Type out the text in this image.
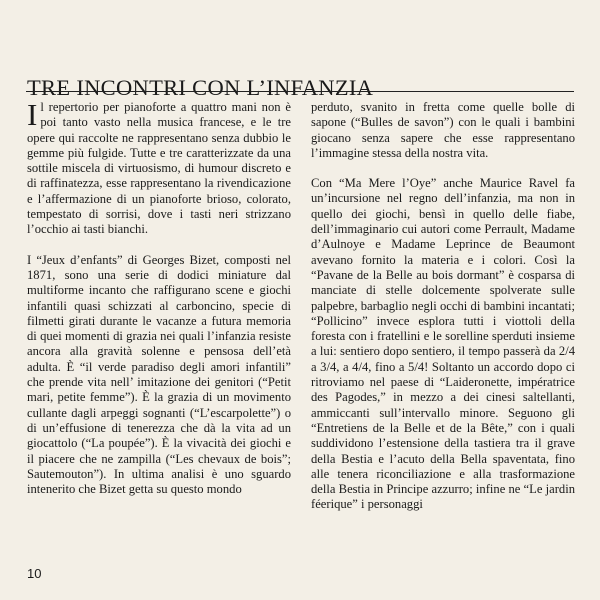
TRE INCONTRI CON L’INFANZIA

Il repertorio per pianoforte a quattro mani non è poi tanto vasto nella musica francese, e le tre opere qui raccolte ne rappresentano senza dubbio le gemme più fulgide. Tutte e tre caratterizzate da una sottile miscela di virtuosismo, di humour discreto e di raffinatezza, esse rappresentano la rivendicazione e l’affermazione di un pianoforte brioso, colorato, tempestato di sorrisi, dove i tasti neri strizzano l’occhio ai tasti bianchi.

I “Jeux d’enfants” di Georges Bizet, composti nel 1871, sono una serie di dodici miniature dal multiforme incanto che raffigurano scene e giochi infantili quasi schizzati al carboncino, specie di filmetti girati durante le vacanze a futura memoria di quei momenti di grazia nei quali l’infanzia resiste ancora alla gravità solenne e pensosa dell’età adulta. È “il verde paradiso degli amori infantili” che prende vita nell’ imitazione dei genitori (“Petit mari, petite femme”). È la grazia di un movimento cullante dagli arpeggi sognanti (“L’escarpolette”) o di un’effusione di tenerezza che dà la vita ad un giocattolo (“La poupée”). È la vivacità dei giochi e il piacere che ne zampilla (“Les chevaux de bois”; Sautemouton”). In ultima analisi è uno sguardo intenerito che Bizet getta su questo mondo

perduto, svanito in fretta come quelle bolle di sapone (“Bulles de savon”) con le quali i bambini giocano senza sapere che esse rappresentano l’immagine stessa della nostra vita.

Con “Ma Mere l’Oye” anche Maurice Ravel fa un’incursione nel regno dell’infanzia, ma non in quello dei giochi, bensì in quello delle fiabe, dell’immaginario cui autori come Perrault, Madame d’Aulnoye e Madame Leprince de Beaumont avevano fornito la materia e i colori. Così la “Pavane de la Belle au bois dormant” è cosparsa di manciate di stelle dolcemente spolverate sulle palpebre, barbaglio negli occhi di bambini incantati; “Pollicino” invece esplora tutti i viottoli della foresta con i fratellini e le sorelline sperduti insieme a lui: sentiero dopo sentiero, il tempo passerà da 2/4 a 3/4, a 4/4, fino a 5/4! Soltanto un accordo dopo ci ritroviamo nel paese di “Laideronette, impératrice des Pagodes,” in mezzo a dei cinesi saltellanti, ammiccanti sull’intervallo minore. Seguono gli “Entretiens de la Belle et de la Bête,” con i quali suddividono l’estensione della tastiera tra il grave della Bestia e l’acuto della Bella spaventata, fino alle tenera riconciliazione e alla trasformazione della Bestia in Principe azzurro; infine ne “Le jardin féerique” i personaggi

10
